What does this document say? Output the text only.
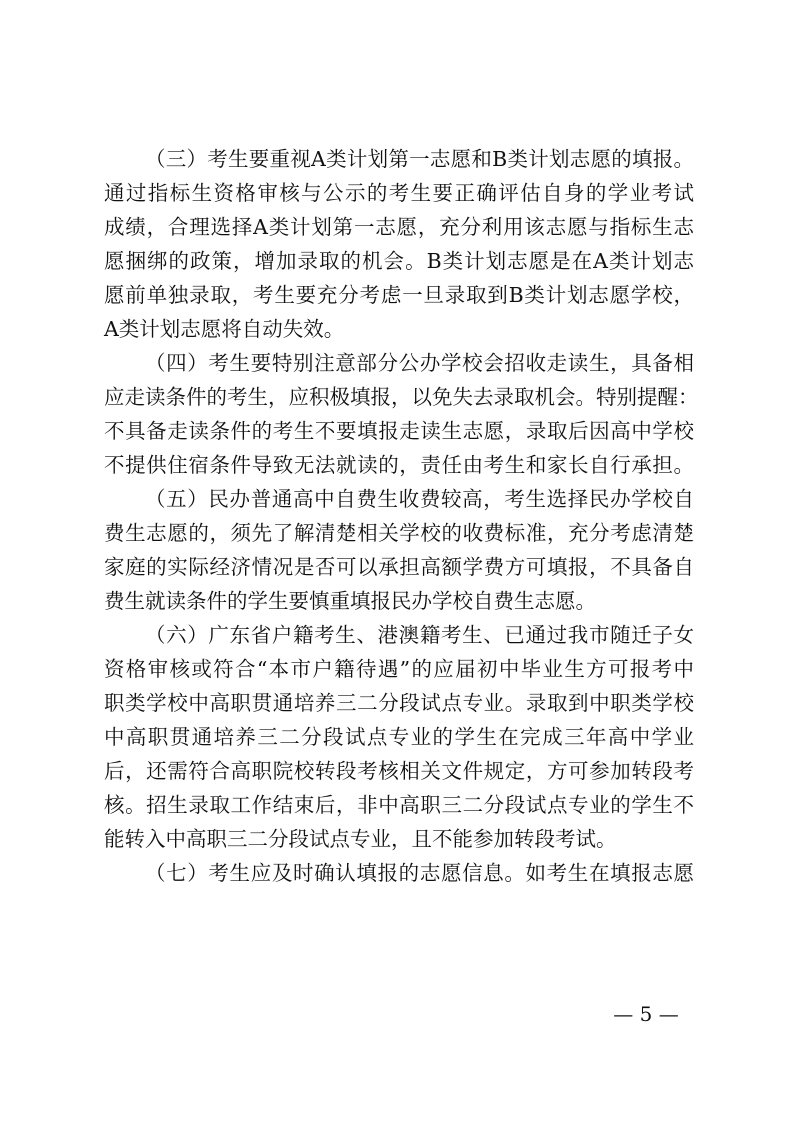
（三）考生要重视A类计划第一志愿和B类计划志愿的填报。
通过指标生资格审核与公示的考生要正确评估自身的学业考试
成绩，合理选择A类计划第一志愿，充分利用该志愿与指标生志
愿捆绑的政策，增加录取的机会。B类计划志愿是在A类计划志
愿前单独录取，考生要充分考虑一旦录取到B类计划志愿学校，
A类计划志愿将自动失效。
（四）考生要特别注意部分公办学校会招收走读生，具备相
应走读条件的考生，应积极填报，以免失去录取机会。特别提醒：
不具备走读条件的考生不要填报走读生志愿，录取后因高中学校
不提供住宿条件导致无法就读的，责任由考生和家长自行承担。
（五）民办普通高中自费生收费较高，考生选择民办学校自
费生志愿的，须先了解清楚相关学校的收费标准，充分考虑清楚
家庭的实际经济情况是否可以承担高额学费方可填报，不具备自
费生就读条件的学生要慎重填报民办学校自费生志愿。
（六）广东省户籍考生、港澳籍考生、已通过我市随迁子女
资格审核或符合“本市户籍待遇”的应届初中毕业生方可报考中
职类学校中高职贯通培养三二分段试点专业。录取到中职类学校
中高职贯通培养三二分段试点专业的学生在完成三年高中学业
后，还需符合高职院校转段考核相关文件规定，方可参加转段考
核。招生录取工作结束后，非中高职三二分段试点专业的学生不
能转入中高职三二分段试点专业，且不能参加转段考试。
（七）考生应及时确认填报的志愿信息。如考生在填报志愿
— 5 —
